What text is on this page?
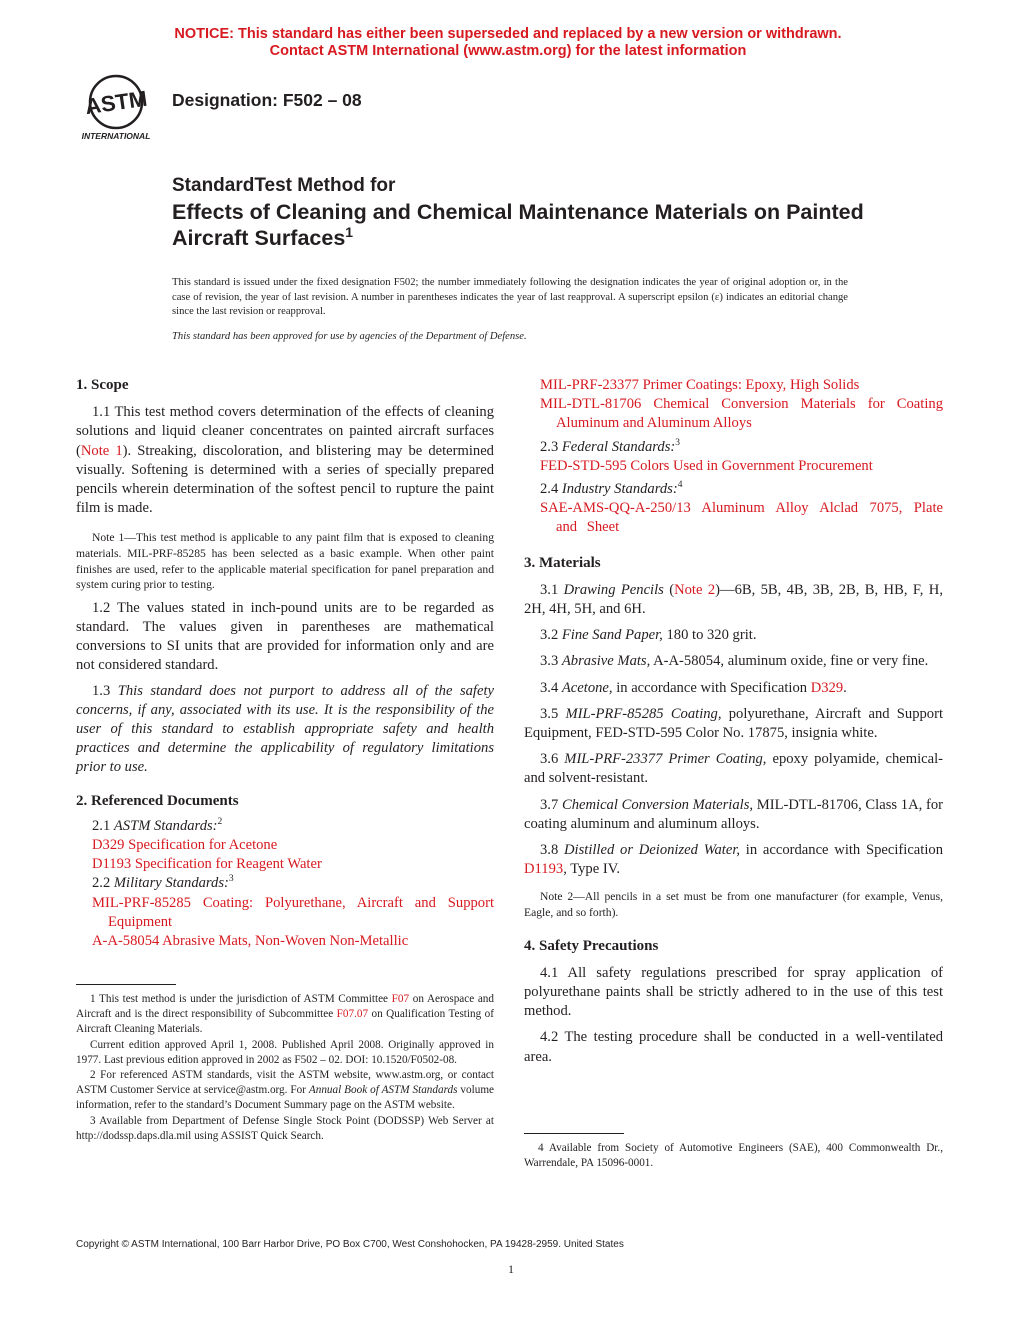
NOTICE: This standard has either been superseded and replaced by a new version or withdrawn.
Contact ASTM International (www.astm.org) for the latest information
ASTM
INTERNATIONAL
Designation: F502 – 08
StandardTest Method for
Effects of Cleaning and Chemical Maintenance Materials on Painted Aircraft Surfaces$^1$
This standard is issued under the fixed designation F502; the number immediately following the designation indicates the year of original adoption or, in the case of revision, the year of last revision. A number in parentheses indicates the year of last reapproval. A superscript epsilon (ε) indicates an editorial change since the last revision or reapproval.
This standard has been approved for use by agencies of the Department of Defense.
1. Scope

1.1 This test method covers determination of the effects of cleaning solutions and liquid cleaner concentrates on painted aircraft surfaces (Note 1). Streaking, discoloration, and blistering may be determined visually. Softening is determined with a series of specially prepared pencils wherein determination of the softest pencil to rupture the paint film is made.

Note 1—This test method is applicable to any paint film that is exposed to cleaning materials. MIL-PRF-85285 has been selected as a basic example. When other paint finishes are used, refer to the applicable material specification for panel preparation and system curing prior to testing.

1.2 The values stated in inch-pound units are to be regarded as standard. The values given in parentheses are mathematical conversions to SI units that are provided for information only and are not considered standard.

1.3 This standard does not purport to address all of the safety concerns, if any, associated with its use. It is the responsibility of the user of this standard to establish appropriate safety and health practices and determine the applicability of regulatory limitations prior to use.

2. Referenced Documents
2.1 ASTM Standards:$^2$
D329 Specification for Acetone
D1193 Specification for Reagent Water
2.2 Military Standards:$^3$
MIL-PRF-85285 Coating: Polyurethane, Aircraft and Support Equipment
A-A-58054 Abrasive Mats, Non-Woven Non-Metallic

1 This test method is under the jurisdiction of ASTM Committee F07 on Aerospace and Aircraft and is the direct responsibility of Subcommittee F07.07 on Qualification Testing of Aircraft Cleaning Materials.

Current edition approved April 1, 2008. Published April 2008. Originally approved in 1977. Last previous edition approved in 2002 as F502 – 02. DOI: 10.1520/F0502-08.

2 For referenced ASTM standards, visit the ASTM website, www.astm.org, or contact ASTM Customer Service at service@astm.org. For Annual Book of ASTM Standards volume information, refer to the standard’s Document Summary page on the ASTM website.

3 Available from Department of Defense Single Stock Point (DODSSP) Web Server at http://dodssp.daps.dla.mil using ASSIST Quick Search.

MIL-PRF-23377 Primer Coatings: Epoxy, High Solids
MIL-DTL-81706 Chemical Conversion Materials for Coating Aluminum and Aluminum Alloys
2.3 Federal Standards:$^3$
FED-STD-595 Colors Used in Government Procurement
2.4 Industry Standards:$^4$
SAE-AMS-QQ-A-250/13 Aluminum Alloy Alclad 7075, Plate and Sheet
3. Materials

3.1 Drawing Pencils (Note 2)—6B, 5B, 4B, 3B, 2B, B, HB, F, H, 2H, 4H, 5H, and 6H.

3.2 Fine Sand Paper, 180 to 320 grit.

3.3 Abrasive Mats, A-A-58054, aluminum oxide, fine or very fine.

3.4 Acetone, in accordance with Specification D329.

3.5 MIL-PRF-85285 Coating, polyurethane, Aircraft and Support Equipment, FED-STD-595 Color No. 17875, insignia white.

3.6 MIL-PRF-23377 Primer Coating, epoxy polyamide, chemical- and solvent-resistant.

3.7 Chemical Conversion Materials, MIL-DTL-81706, Class 1A, for coating aluminum and aluminum alloys.

3.8 Distilled or Deionized Water, in accordance with Specification D1193, Type IV.

Note 2—All pencils in a set must be from one manufacturer (for example, Venus, Eagle, and so forth).

4. Safety Precautions

4.1 All safety regulations prescribed for spray application of polyurethane paints shall be strictly adhered to in the use of this test method.

4.2 The testing procedure shall be conducted in a well-ventilated area.

4 Available from Society of Automotive Engineers (SAE), 400 Commonwealth Dr., Warrendale, PA 15096-0001.
Copyright © ASTM International, 100 Barr Harbor Drive, PO Box C700, West Conshohocken, PA 19428-2959. United States
1
